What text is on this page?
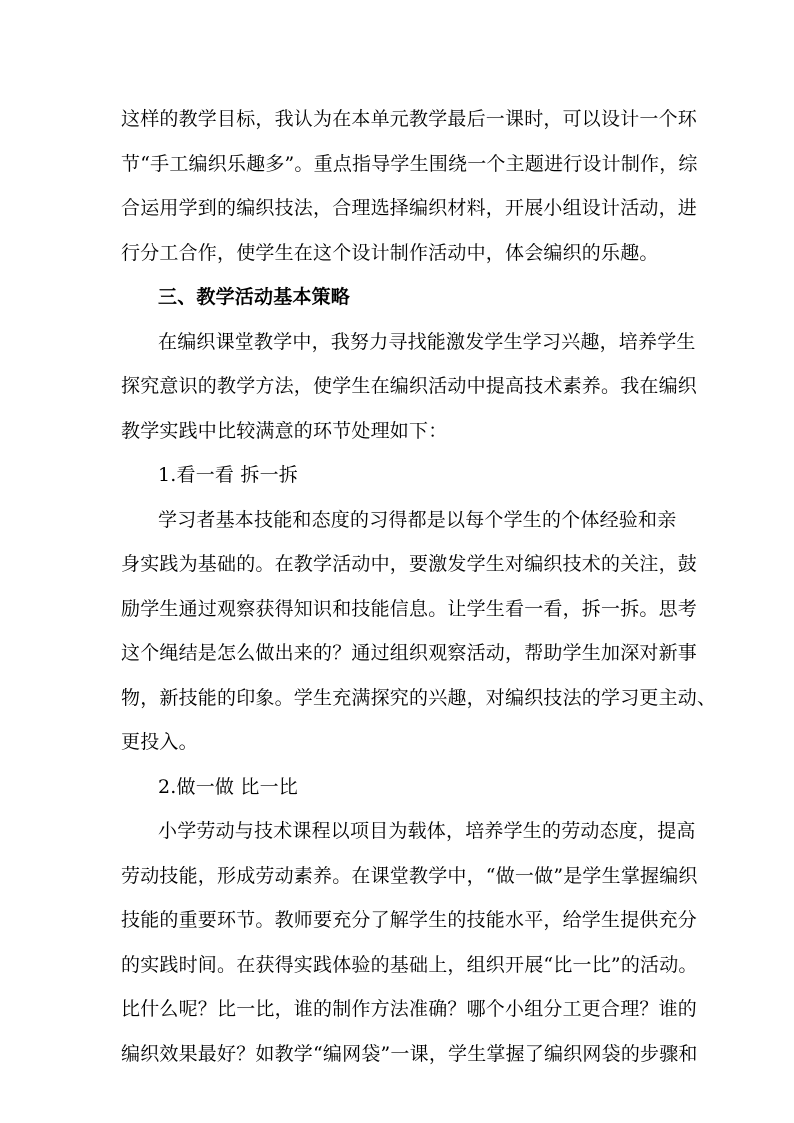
这样的教学目标，我认为在本单元教学最后一课时，可以设计一个环
节“手工编织乐趣多”。重点指导学生围绕一个主题进行设计制作，综
合运用学到的编织技法，合理选择编织材料，开展小组设计活动，进
行分工合作，使学生在这个设计制作活动中，体会编织的乐趣。
三、教学活动基本策略
在编织课堂教学中，我努力寻找能激发学生学习兴趣，培养学生
探究意识的教学方法，使学生在编织活动中提高技术素养。我在编织
教学实践中比较满意的环节处理如下：
1.看一看 拆一拆
学习者基本技能和态度的习得都是以每个学生的个体经验和亲
身实践为基础的。在教学活动中，要激发学生对编织技术的关注，鼓
励学生通过观察获得知识和技能信息。让学生看一看，拆一拆。思考
这个绳结是怎么做出来的？通过组织观察活动，帮助学生加深对新事
物，新技能的印象。学生充满探究的兴趣，对编织技法的学习更主动、
更投入。
2.做一做 比一比
小学劳动与技术课程以项目为载体，培养学生的劳动态度，提高
劳动技能，形成劳动素养。在课堂教学中，“做一做”是学生掌握编织
技能的重要环节。教师要充分了解学生的技能水平，给学生提供充分
的实践时间。在获得实践体验的基础上，组织开展“比一比”的活动。
比什么呢？比一比，谁的制作方法准确？哪个小组分工更合理？谁的
编织效果最好？如教学“编网袋”一课，学生掌握了编织网袋的步骤和
